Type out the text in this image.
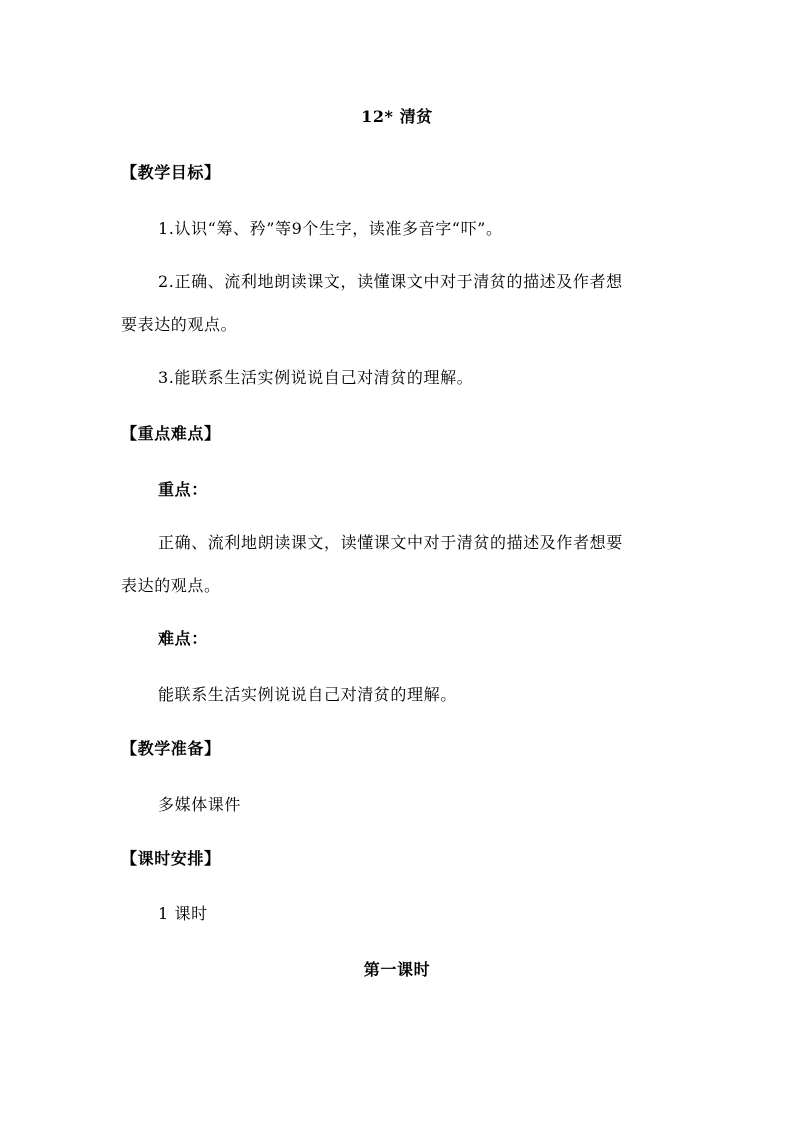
12* 清贫
【教学目标】
1.认识“筹、矜”等9个生字，读准多音字“吓”。
2.正确、流利地朗读课文，读懂课文中对于清贫的描述及作者想
要表达的观点。
3.能联系生活实例说说自己对清贫的理解。
【重点难点】
重点：
正确、流利地朗读课文，读懂课文中对于清贫的描述及作者想要
表达的观点。
难点：
能联系生活实例说说自己对清贫的理解。
【教学准备】
多媒体课件
【课时安排】
1 课时
第一课时
